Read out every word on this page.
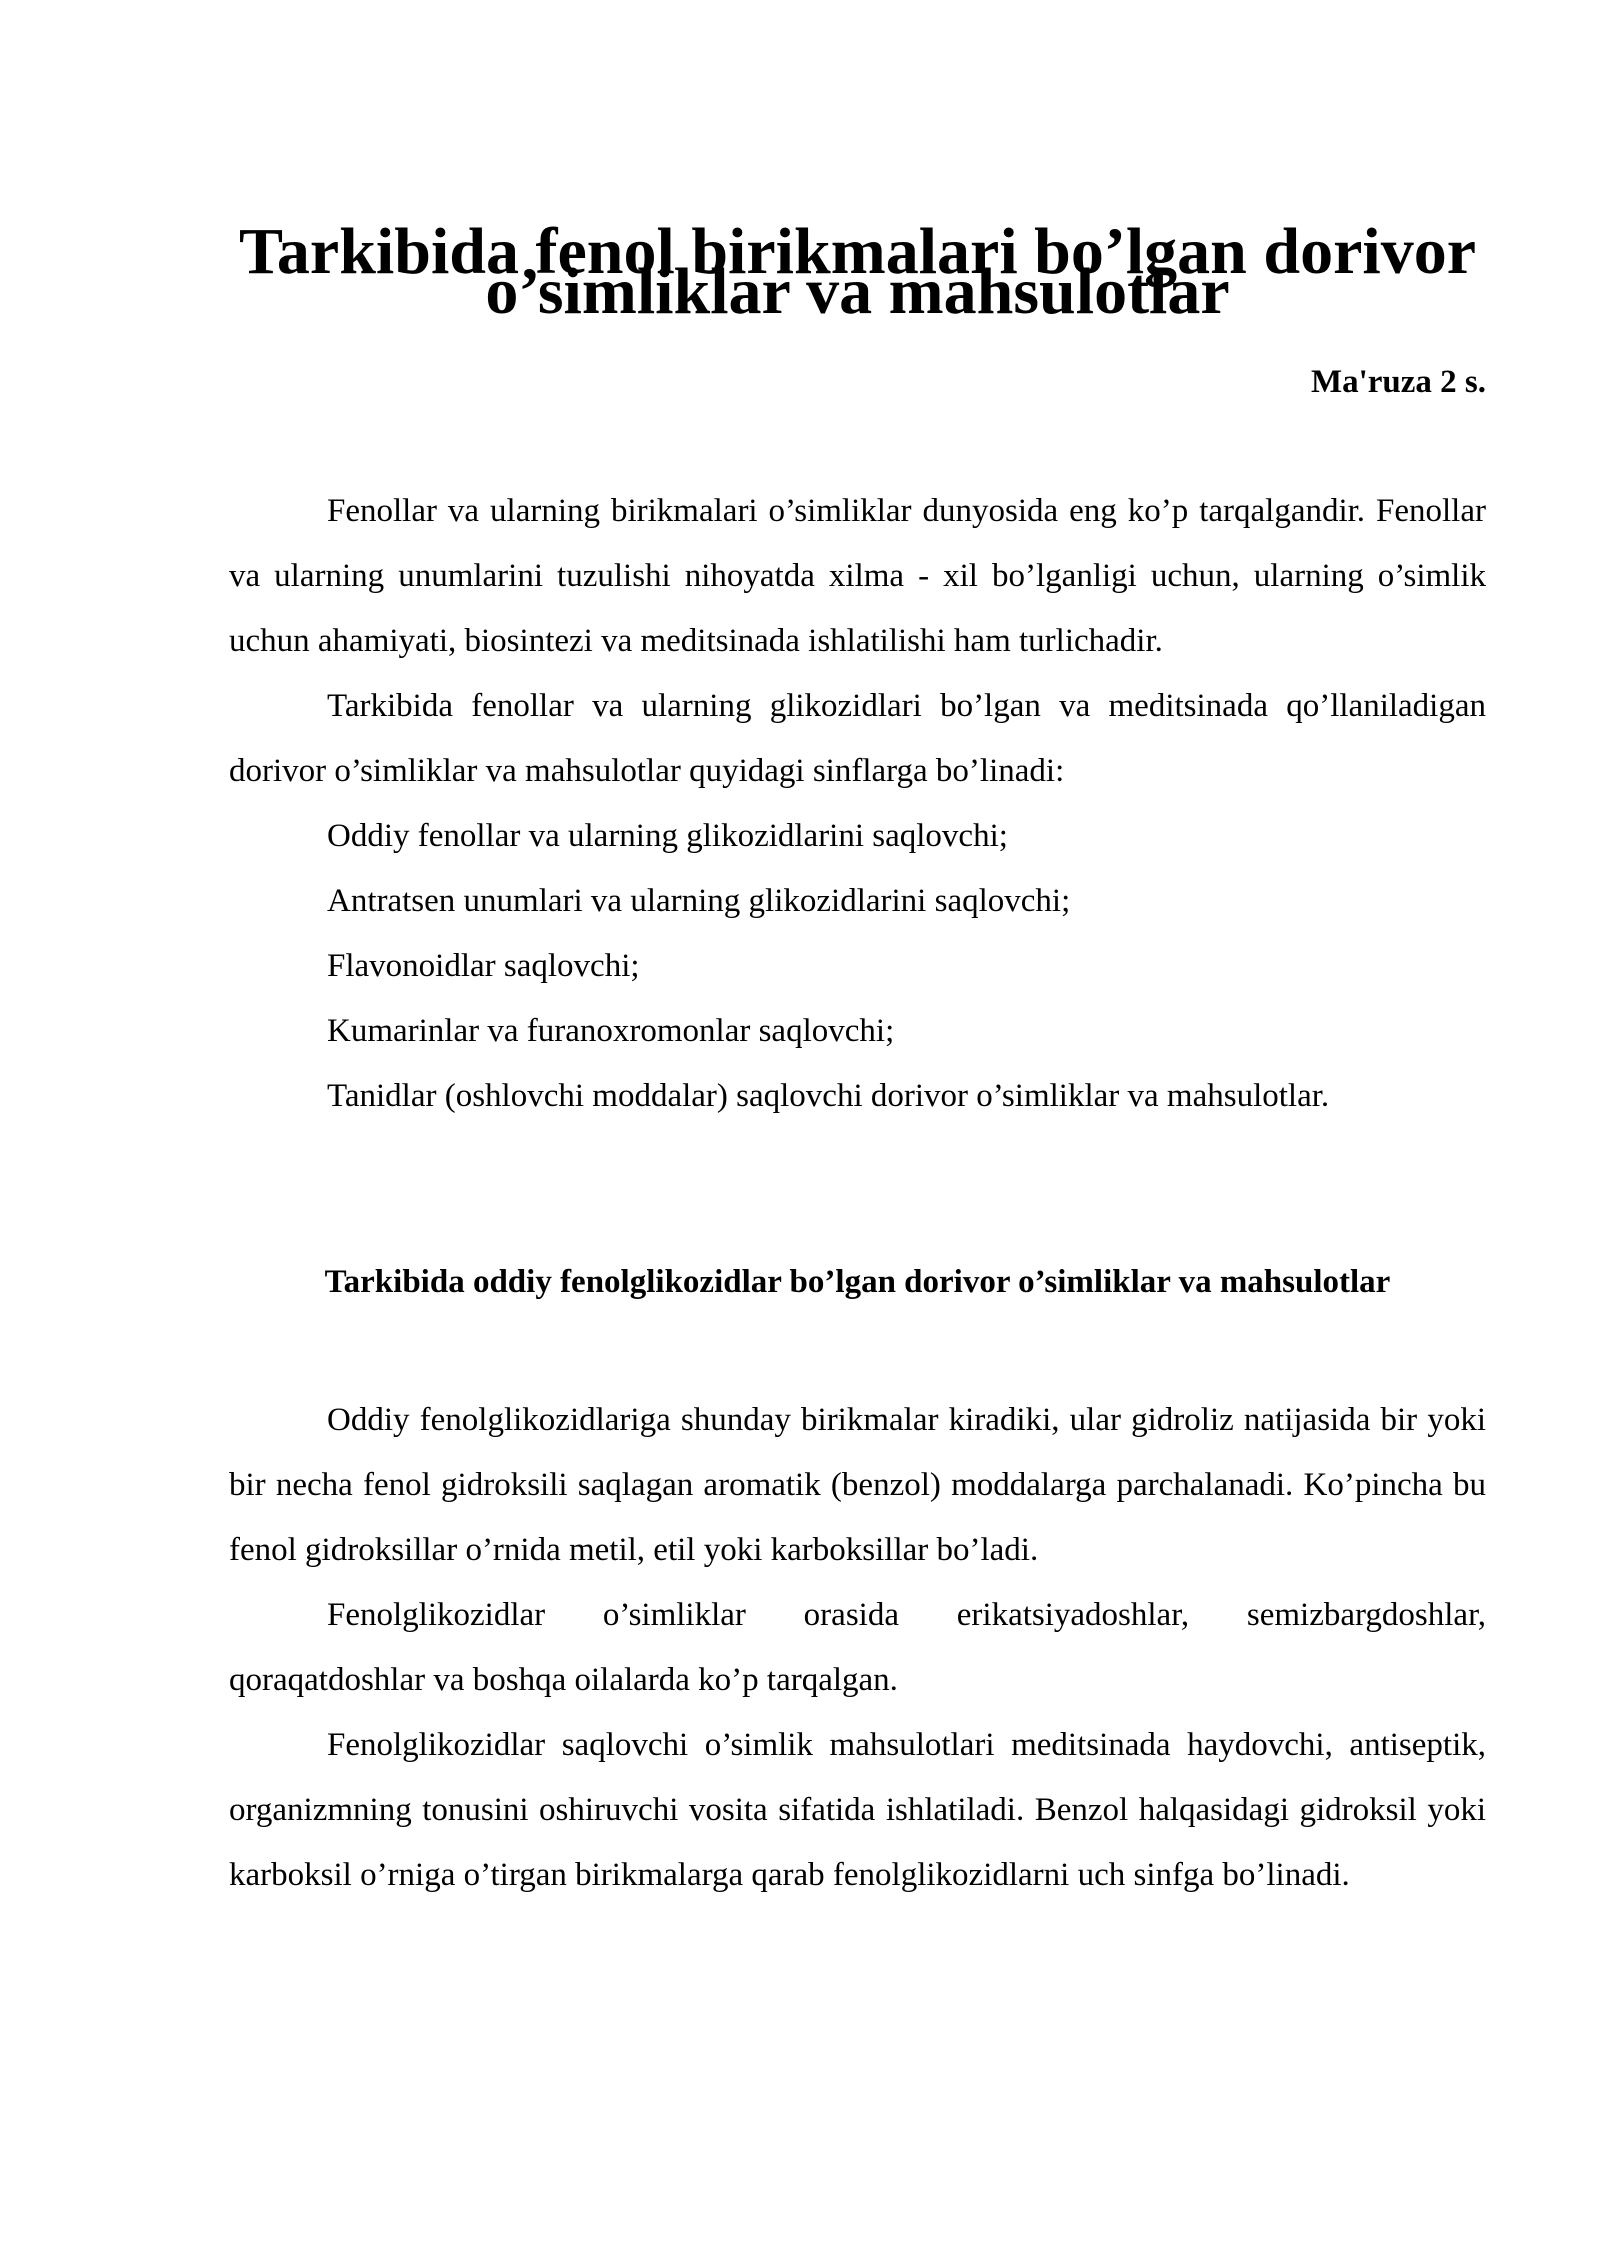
Tarkibida fenol birikmalari bo’lgan dorivor o’simliklar va mahsulotlar

Ma'ruza 2 s.

Fenollar va ularning birikmalari o’simliklar dunyosida eng ko’p tarqalgandir. Fenollar va ularning unumlarini tuzulishi nihoyatda xilma - xil bo’lganligi uchun, ularning o’simlik uchun ahamiyati, biosintezi va meditsinada ishlatilishi ham turlichadir.

Tarkibida fenollar va ularning glikozidlari bo’lgan va meditsinada qo’llaniladigan dorivor o’simliklar va mahsulotlar quyidagi sinflarga bo’linadi:

Oddiy fenollar va ularning glikozidlarini saqlovchi;
Antratsen unumlari va ularning glikozidlarini saqlovchi;
Flavonoidlar saqlovchi;
Kumarinlar va furanoxromonlar saqlovchi;
Tanidlar (oshlovchi moddalar) saqlovchi dorivor o’simliklar va mahsulotlar.
Tarkibida oddiy fenolglikozidlar bo’lgan dorivor o’simliklar va mahsulotlar

Oddiy fenolglikozidlariga shunday birikmalar kiradiki, ular gidroliz natijasida bir yoki bir necha fenol gidroksili saqlagan aromatik (benzol) moddalarga parchalanadi. Ko’pincha bu fenol gidroksillar o’rnida metil, etil yoki karboksillar bo’ladi.

Fenolglikozidlar o’simliklar orasida erikatsiyadoshlar, semizbargdoshlar, qoraqatdoshlar va boshqa oilalarda ko’p tarqalgan.

Fenolglikozidlar saqlovchi o’simlik mahsulotlari meditsinada haydovchi, antiseptik, organizmning tonusini oshiruvchi vosita sifatida ishlatiladi. Benzol halqasidagi gidroksil yoki karboksil o’rniga o’tirgan birikmalarga qarab fenolglikozidlarni uch sinfga bo’linadi.
